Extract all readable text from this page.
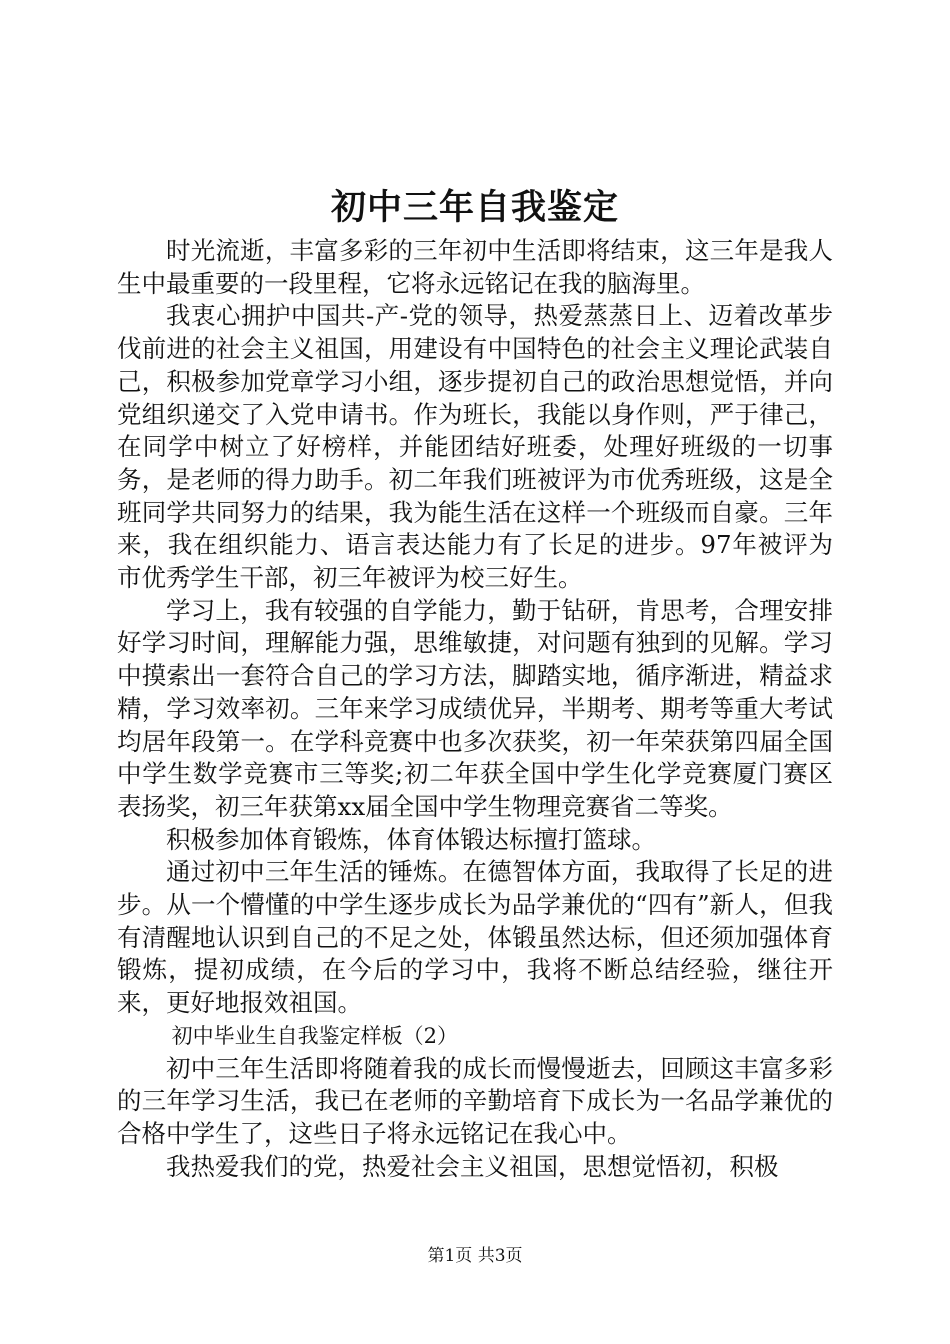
初中三年自我鉴定

时光流逝，丰富多彩的三年初中生活即将结束，这三年是我人生中最重要的一段里程，它将永远铭记在我的脑海里。

我衷心拥护中国共-产-党的领导，热爱蒸蒸日上、迈着改革步伐前进的社会主义祖国，用建设有中国特色的社会主义理论武装自己，积极参加党章学习小组，逐步提初自己的政治思想觉悟，并向党组织递交了入党申请书。作为班长，我能以身作则，严于律己，在同学中树立了好榜样，并能团结好班委，处理好班级的一切事务，是老师的得力助手。初二年我们班被评为市优秀班级，这是全班同学共同努力的结果，我为能生活在这样一个班级而自豪。三年来，我在组织能力、语言表达能力有了长足的进步。97年被评为市优秀学生干部，初三年被评为校三好生。

学习上，我有较强的自学能力，勤于钻研，肯思考，合理安排好学习时间，理解能力强，思维敏捷，对问题有独到的见解。学习中摸索出一套符合自己的学习方法，脚踏实地，循序渐进，精益求精，学习效率初。三年来学习成绩优异，半期考、期考等重大考试均居年段第一。在学科竞赛中也多次获奖，初一年荣获第四届全国中学生数学竞赛市三等奖;初二年获全国中学生化学竞赛厦门赛区表扬奖，初三年获第xx届全国中学生物理竞赛省二等奖。

积极参加体育锻炼，体育体锻达标擅打篮球。

通过初中三年生活的锤炼。在德智体方面，我取得了长足的进步。从一个懵懂的中学生逐步成长为品学兼优的“四有”新人，但我有清醒地认识到自己的不足之处，体锻虽然达标，但还须加强体育锻炼，提初成绩，在今后的学习中，我将不断总结经验，继往开来，更好地报效祖国。

初中毕业生自我鉴定样板（2）

初中三年生活即将随着我的成长而慢慢逝去，回顾这丰富多彩的三年学习生活，我已在老师的辛勤培育下成长为一名品学兼优的合格中学生了，这些日子将永远铭记在我心中。

我热爱我们的党，热爱社会主义祖国，思想觉悟初，积极

第1页 共3页
